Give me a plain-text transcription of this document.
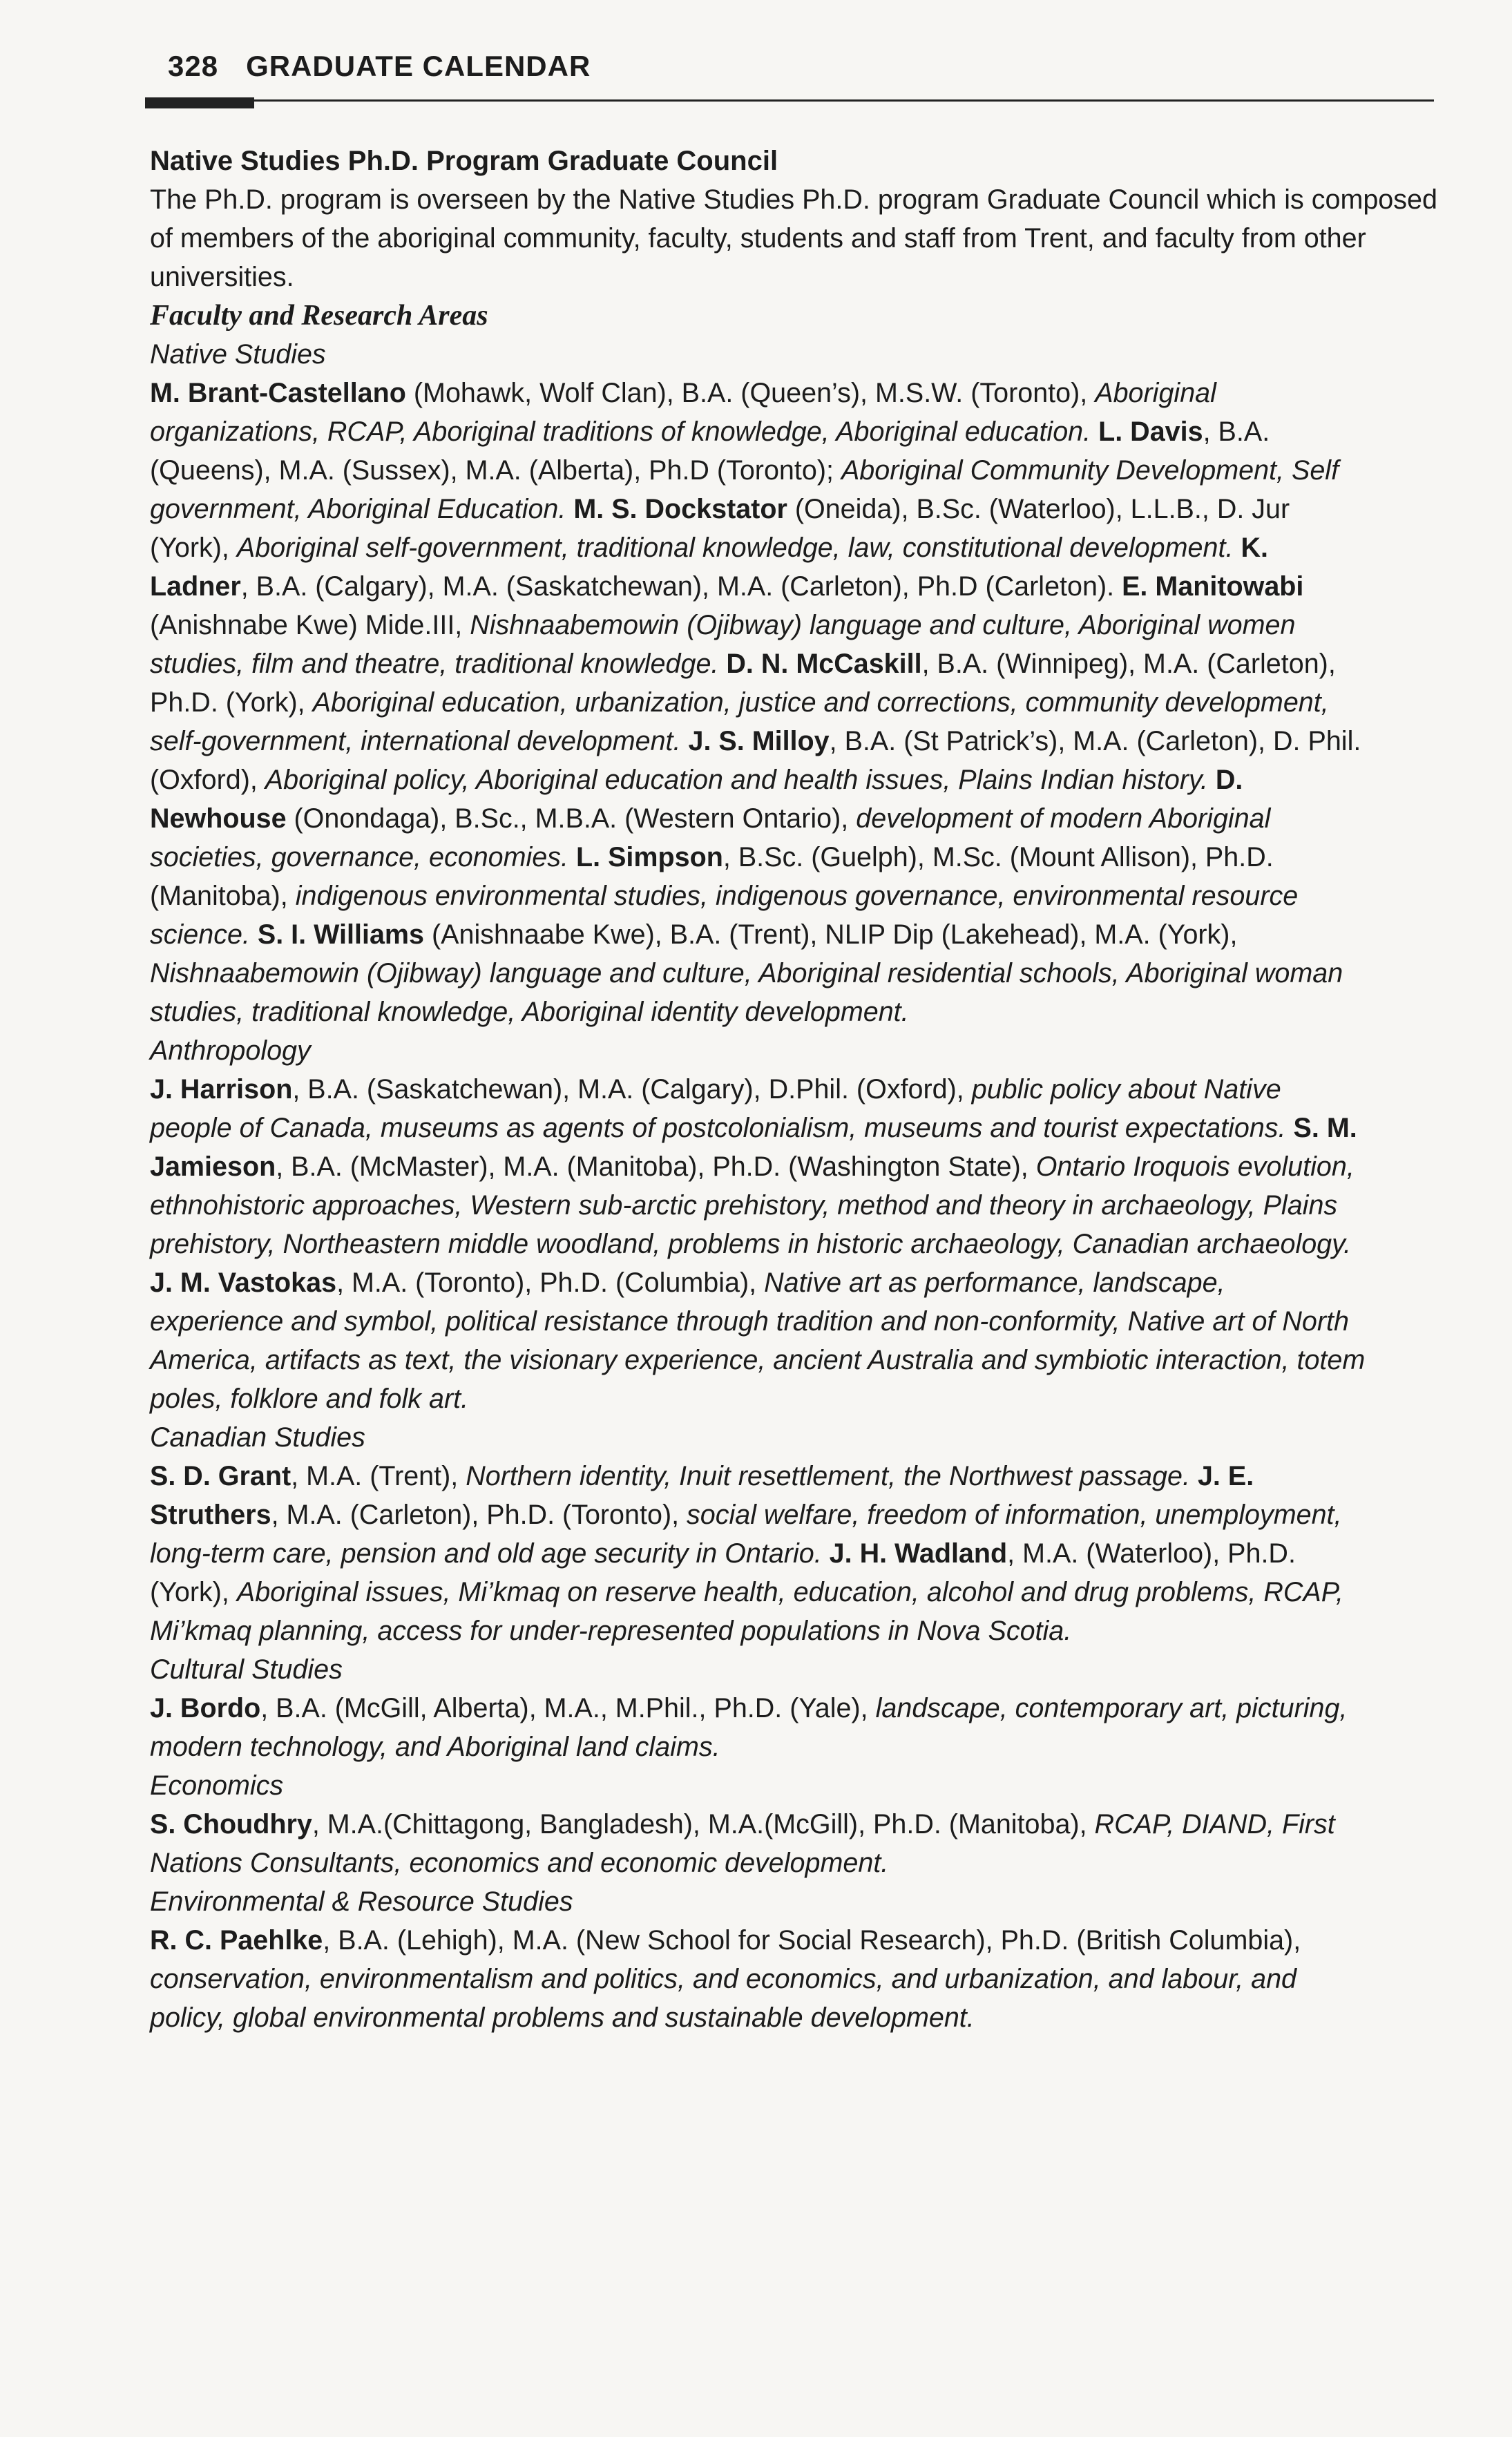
328 GRADUATE CALENDAR

Native Studies Ph.D. Program Graduate Council

The Ph.D. program is overseen by the Native Studies Ph.D. program Graduate Council which is composed of members of the aboriginal community, faculty, students and staff from Trent, and faculty from other universities.

Faculty and Research Areas

Native Studies

M. Brant-Castellano (Mohawk, Wolf Clan), B.A. (Queen’s), M.S.W. (Toronto), Aboriginal organizations, RCAP, Aboriginal traditions of knowledge, Aboriginal education. L. Davis, B.A. (Queens), M.A. (Sussex), M.A. (Alberta), Ph.D (Toronto); Aboriginal Community Development, Self government, Aboriginal Education. M. S. Dockstator (Oneida), B.Sc. (Waterloo), L.L.B., D. Jur (York), Aboriginal self-government, traditional knowledge, law, constitutional development. K. Ladner, B.A. (Calgary), M.A. (Saskatchewan), M.A. (Carleton), Ph.D (Carleton). E. Manitowabi (Anishnabe Kwe) Mide.III, Nishnaabemowin (Ojibway) language and culture, Aboriginal women studies, film and theatre, traditional knowledge. D. N. McCaskill, B.A. (Winnipeg), M.A. (Carleton), Ph.D. (York), Aboriginal education, urbanization, justice and corrections, community development, self-government, international development. J. S. Milloy, B.A. (St Patrick’s), M.A. (Carleton), D. Phil. (Oxford), Aboriginal policy, Aboriginal education and health issues, Plains Indian history. D. Newhouse (Onondaga), B.Sc., M.B.A. (Western Ontario), development of modern Aboriginal societies, governance, economies. L. Simpson, B.Sc. (Guelph), M.Sc. (Mount Allison), Ph.D. (Manitoba), indigenous environmental studies, indigenous governance, environmental resource science. S. I. Williams (Anishnaabe Kwe), B.A. (Trent), NLIP Dip (Lakehead), M.A. (York), Nishnaabemowin (Ojibway) language and culture, Aboriginal residential schools, Aboriginal woman studies, traditional knowledge, Aboriginal identity development.

Anthropology

J. Harrison, B.A. (Saskatchewan), M.A. (Calgary), D.Phil. (Oxford), public policy about Native people of Canada, museums as agents of postcolonialism, museums and tourist expectations. S. M. Jamieson, B.A. (McMaster), M.A. (Manitoba), Ph.D. (Washington State), Ontario Iroquois evolution, ethnohistoric approaches, Western sub-arctic prehistory, method and theory in archaeology, Plains prehistory, Northeastern middle woodland, problems in historic archaeology, Canadian archaeology. J. M. Vastokas, M.A. (Toronto), Ph.D. (Columbia), Native art as performance, landscape, experience and symbol, political resistance through tradition and non-conformity, Native art of North America, artifacts as text, the visionary experience, ancient Australia and symbiotic interaction, totem poles, folklore and folk art.

Canadian Studies

S. D. Grant, M.A. (Trent), Northern identity, Inuit resettlement, the Northwest passage. J. E. Struthers, M.A. (Carleton), Ph.D. (Toronto), social welfare, freedom of information, unemployment, long-term care, pension and old age security in Ontario. J. H. Wadland, M.A. (Waterloo), Ph.D. (York), Aboriginal issues, Mi’kmaq on reserve health, education, alcohol and drug problems, RCAP, Mi’kmaq planning, access for under-represented populations in Nova Scotia.

Cultural Studies

J. Bordo, B.A. (McGill, Alberta), M.A., M.Phil., Ph.D. (Yale), landscape, contemporary art, picturing, modern technology, and Aboriginal land claims.

Economics

S. Choudhry, M.A.(Chittagong, Bangladesh), M.A.(McGill), Ph.D. (Manitoba), RCAP, DIAND, First Nations Consultants, economics and economic development.

Environmental & Resource Studies

R. C. Paehlke, B.A. (Lehigh), M.A. (New School for Social Research), Ph.D. (British Columbia), conservation, environmentalism and politics, and economics, and urbanization, and labour, and policy, global environmental problems and sustainable development.
